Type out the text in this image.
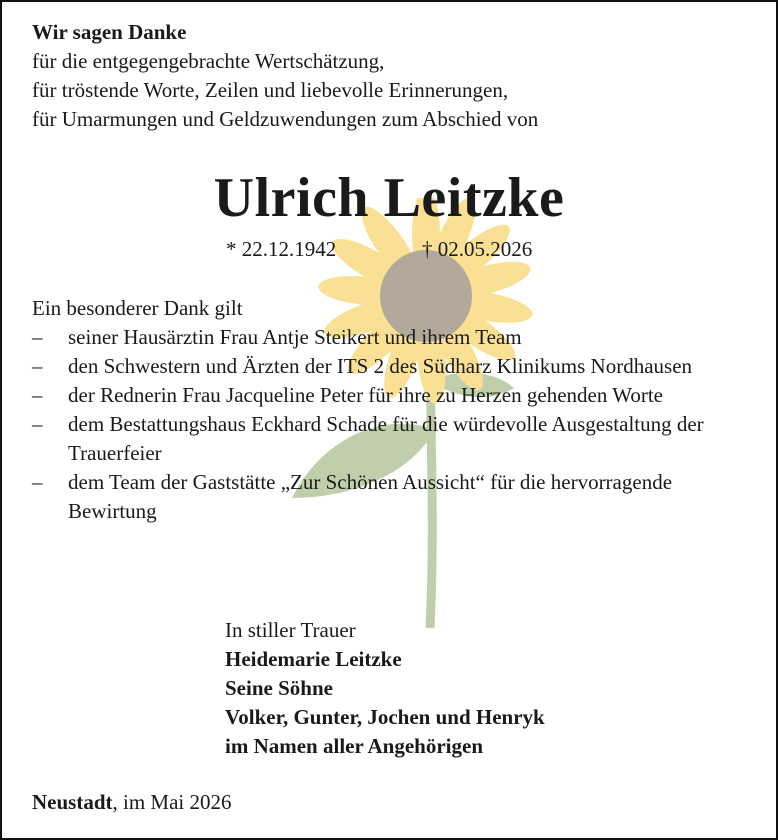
Wir sagen Danke
für die entgegengebrachte Wertschätzung,
für tröstende Worte, Zeilen und liebevolle Erinnerungen,
für Umarmungen und Geldzuwendungen zum Abschied von
Ulrich Leitzke
* 22.12.1942	† 02.05.2026
Ein besonderer Dank gilt
– seiner Hausärztin Frau Antje Steikert und ihrem Team
– den Schwestern und Ärzten der ITS 2 des Südharz Klinikums Nordhausen
– der Rednerin Frau Jacqueline Peter für ihre zu Herzen gehenden Worte
– dem Bestattungshaus Eckhard Schade für die würdevolle Ausgestaltung der Trauerfeier
– dem Team der Gaststätte „Zur Schönen Aussicht“ für die hervorragende Bewirtung
In stiller Trauer
Heidemarie Leitzke
Seine Söhne
Volker, Gunter, Jochen und Henryk
im Namen aller Angehörigen
Neustadt, im Mai 2026
